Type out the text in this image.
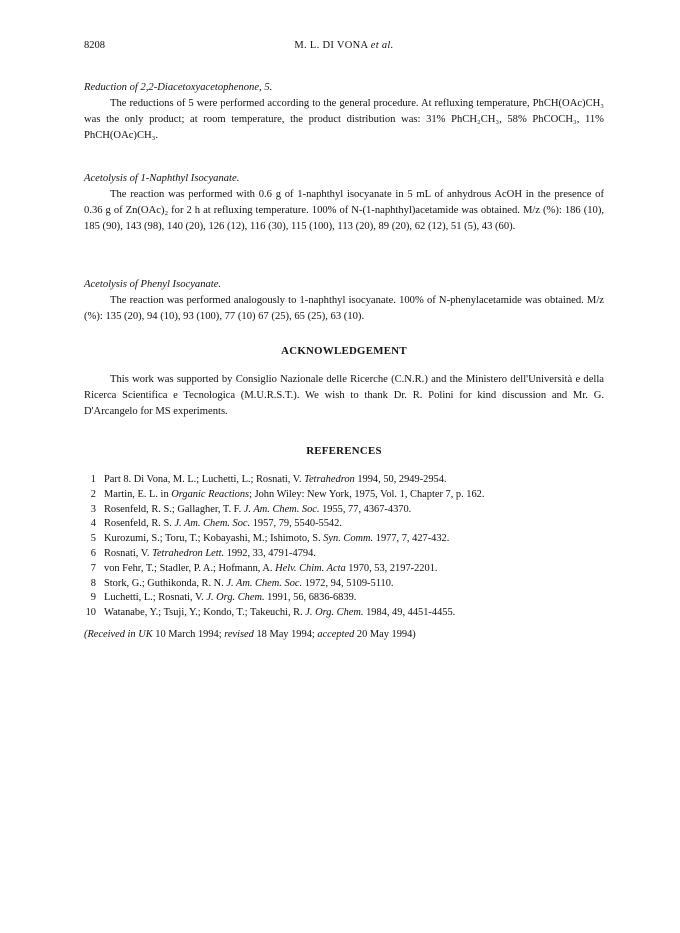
8208	M. L. DI VONA et al.

Reduction of 2,2-Diacetoxyacetophenone, 5.

The reductions of 5 were performed according to the general procedure. At refluxing temperature, PhCH(OAc)CH₃ was the only product; at room temperature, the product distribution was: 31% PhCH₂CH₃, 58% PhCOCH₃, 11% PhCH(OAc)CH₃.

Acetolysis of 1-Naphthyl Isocyanate.

The reaction was performed with 0.6 g of 1-naphthyl isocyanate in 5 mL of anhydrous AcOH in the presence of 0.36 g of Zn(OAc)₂ for 2 h at refluxing temperature. 100% of N-(1-naphthyl)acetamide was obtained. M/z (%): 186 (10), 185 (90), 143 (98), 140 (20), 126 (12), 116 (30), 115 (100), 113 (20), 89 (20), 62 (12), 51 (5), 43 (60).

Acetolysis of Phenyl Isocyanate.

The reaction was performed analogously to 1-naphthyl isocyanate. 100% of N-phenylacetamide was obtained. M/z (%): 135 (20), 94 (10), 93 (100), 77 (10) 67 (25), 65 (25), 63 (10).

ACKNOWLEDGEMENT

This work was supported by Consiglio Nazionale delle Ricerche (C.N.R.) and the Ministero dell'Università e della Ricerca Scientifica e Tecnologica (M.U.R.S.T.). We wish to thank Dr. R. Polini for kind discussion and Mr. G. D'Arcangelo for MS experiments.

REFERENCES
1 Part 8. Di Vona, M. L.; Luchetti, L.; Rosnati, V. Tetrahedron 1994, 50, 2949-2954.
2 Martin, E. L. in Organic Reactions; John Wiley: New York, 1975, Vol. 1, Chapter 7, p. 162.
3 Rosenfeld, R. S.; Gallagher, T. F. J. Am. Chem. Soc. 1955, 77, 4367-4370.
4 Rosenfeld, R. S. J. Am. Chem. Soc. 1957, 79, 5540-5542.
5 Kurozumi, S.; Toru, T.; Kobayashi, M.; Ishimoto, S. Syn. Comm. 1977, 7, 427-432.
6 Rosnati, V. Tetrahedron Lett. 1992, 33, 4791-4794.
7 von Fehr, T.; Stadler, P. A.; Hofmann, A. Helv. Chim. Acta 1970, 53, 2197-2201.
8 Stork, G.; Guthikonda, R. N. J. Am. Chem. Soc. 1972, 94, 5109-5110.
9 Luchetti, L.; Rosnati, V. J. Org. Chem. 1991, 56, 6836-6839.
10 Watanabe, Y.; Tsuji, Y.; Kondo, T.; Takeuchi, R. J. Org. Chem. 1984, 49, 4451-4455.
(Received in UK 10 March 1994; revised 18 May 1994; accepted 20 May 1994)
